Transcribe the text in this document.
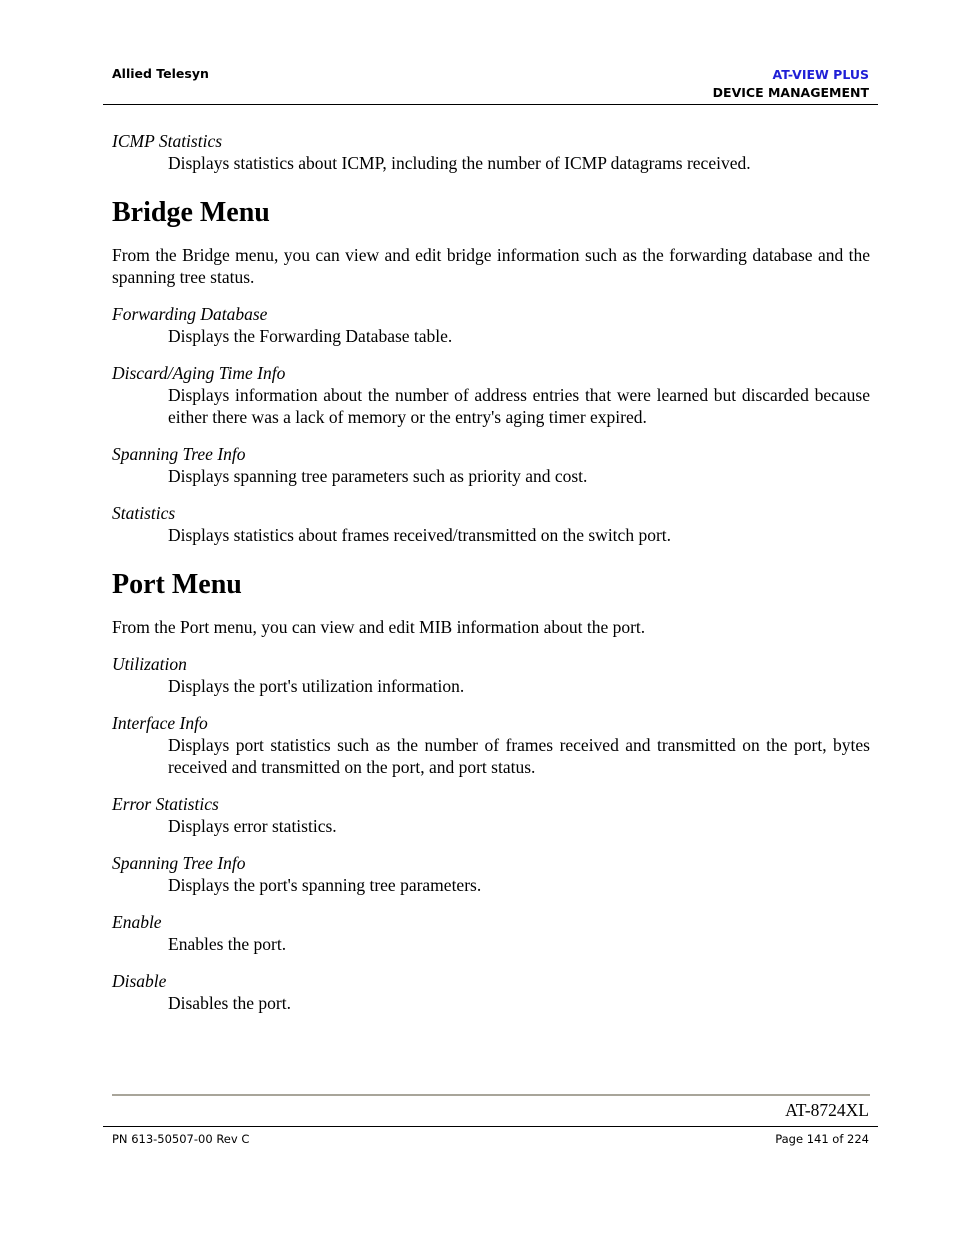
Allied Telesyn	AT-VIEW PLUS
DEVICE MANAGEMENT
ICMP Statistics
Displays statistics about ICMP, including the number of ICMP datagrams received.
Bridge Menu
From the Bridge menu, you can view and edit bridge information such as the forwarding database and the spanning tree status.
Forwarding Database
Displays the Forwarding Database table.
Discard/Aging Time Info
Displays information about the number of address entries that were learned but discarded because either there was a lack of memory or the entry's aging timer expired.
Spanning Tree Info
Displays spanning tree parameters such as priority and cost.
Statistics
Displays statistics about frames received/transmitted on the switch port.
Port Menu
From the Port menu, you can view and edit MIB information about the port.
Utilization
Displays the port's utilization information.
Interface Info
Displays port statistics such as the number of frames received and transmitted on the port, bytes received and transmitted on the port, and port status.
Error Statistics
Displays error statistics.
Spanning Tree Info
Displays the port's spanning tree parameters.
Enable
Enables the port.
Disable
Disables the port.
AT-8724XL
PN 613-50507-00 Rev C	Page 141 of 224
